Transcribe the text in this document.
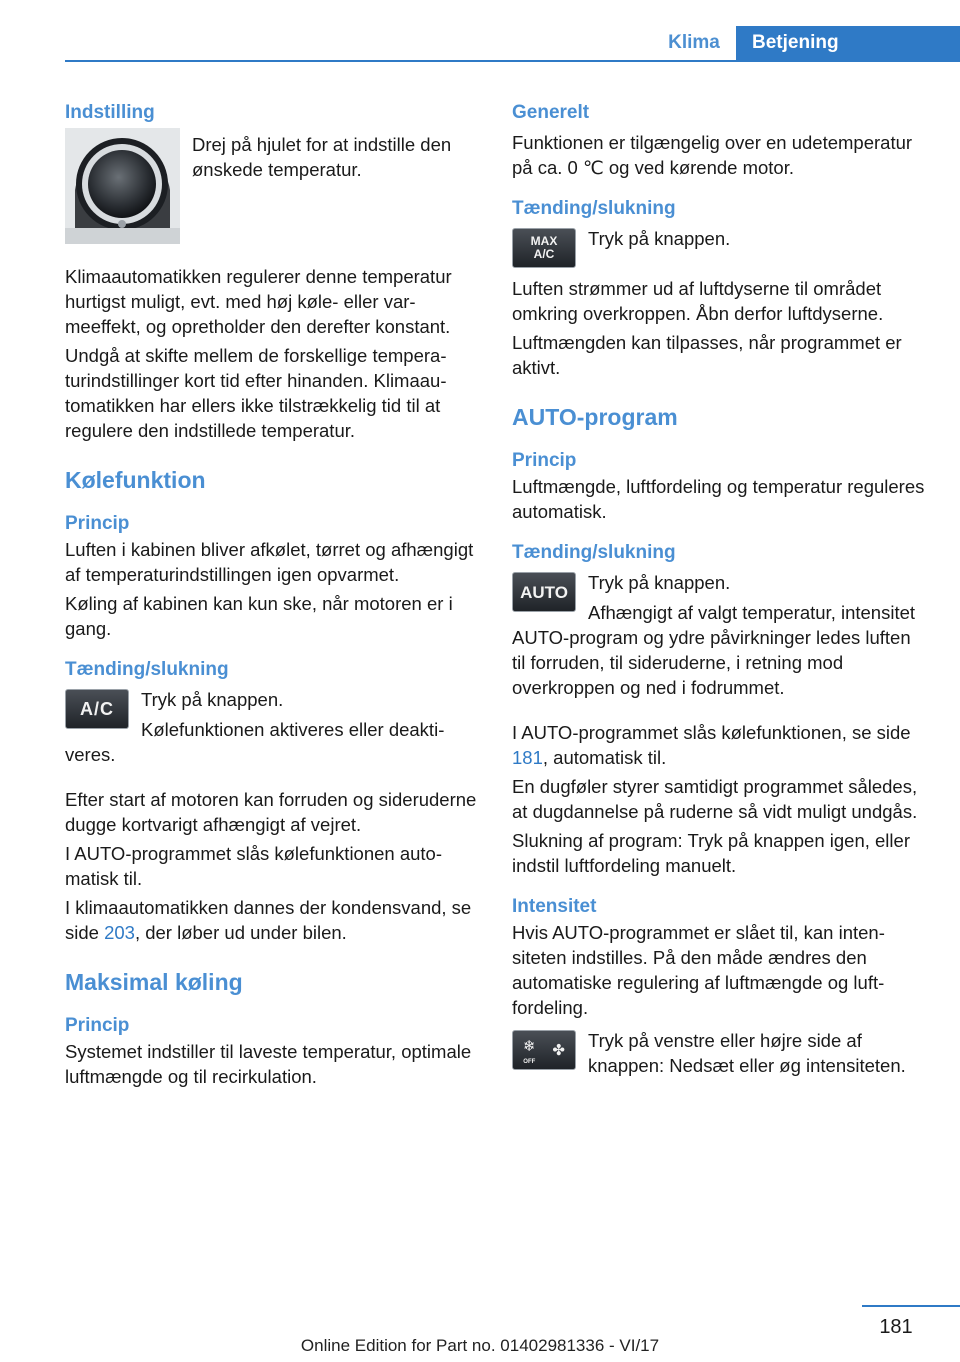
Klima	Betjening
Indstilling
Drej på hjulet for at indstille den ønskede temperatur.
Klimaautomatikken regulerer denne temperatur hurtigst muligt, evt. med høj køle- eller varmeeffekt, og opretholder den derefter konstant.
Undgå at skifte mellem de forskellige temperaturindstillinger kort tid efter hinanden. Klimaautomatikken har ellers ikke tilstrækkelig tid til at regulere den indstillede temperatur.
Kølefunktion
Princip
Luften i kabinen bliver afkølet, tørret og afhængigt af temperaturindstillingen igen opvarmet.
Køling af kabinen kan kun ske, når motoren er i gang.
Tænding/slukning
A/C	Tryk på knappen.
Kølefunktionen aktiveres eller deaktiveres.
Efter start af motoren kan forruden og sideruderne dugge kortvarigt afhængigt af vejret.
I AUTO-programmet slås kølefunktionen automatisk til.
I klimaautomatikken dannes der kondensvand, se side 203, der løber ud under bilen.
Maksimal køling
Princip
Systemet indstiller til laveste temperatur, optimale luftmængde og til recirkulation.
Generelt
Funktionen er tilgængelig over en udetemperatur på ca. 0 ℃ og ved kørende motor.
Tænding/slukning
MAX
A/C
Tryk på knappen.
Luften strømmer ud af luftdyserne til området omkring overkroppen. Åbn derfor luftdyserne.
Luftmængden kan tilpasses, når programmet er aktivt.
AUTO-program
Princip
Luftmængde, luftfordeling og temperatur reguleres automatisk.
Tænding/slukning
AUTO	Tryk på knappen.
Afhængigt af valgt temperatur, intensitet AUTO-program og ydre påvirkninger ledes luften til forruden, til sideruderne, i retning mod overkroppen og ned i fodrummet.
I AUTO-programmet slås kølefunktionen, se side 181, automatisk til.
En dugføler styrer samtidigt programmet således, at dugdannelse på ruderne så vidt muligt undgås.
Slukning af program: Tryk på knappen igen, eller indstil luftfordeling manuelt.
Intensitet
Hvis AUTO-programmet er slået til, kan intensiteten indstilles. På den måde ændres den automatiske regulering af luftmængde og luftfordeling.
❄
OFF
✤	Tryk på venstre eller højre side af knappen: Nedsæt eller øg intensiteten.
181
Online Edition for Part no. 01402981336 - VI/17
